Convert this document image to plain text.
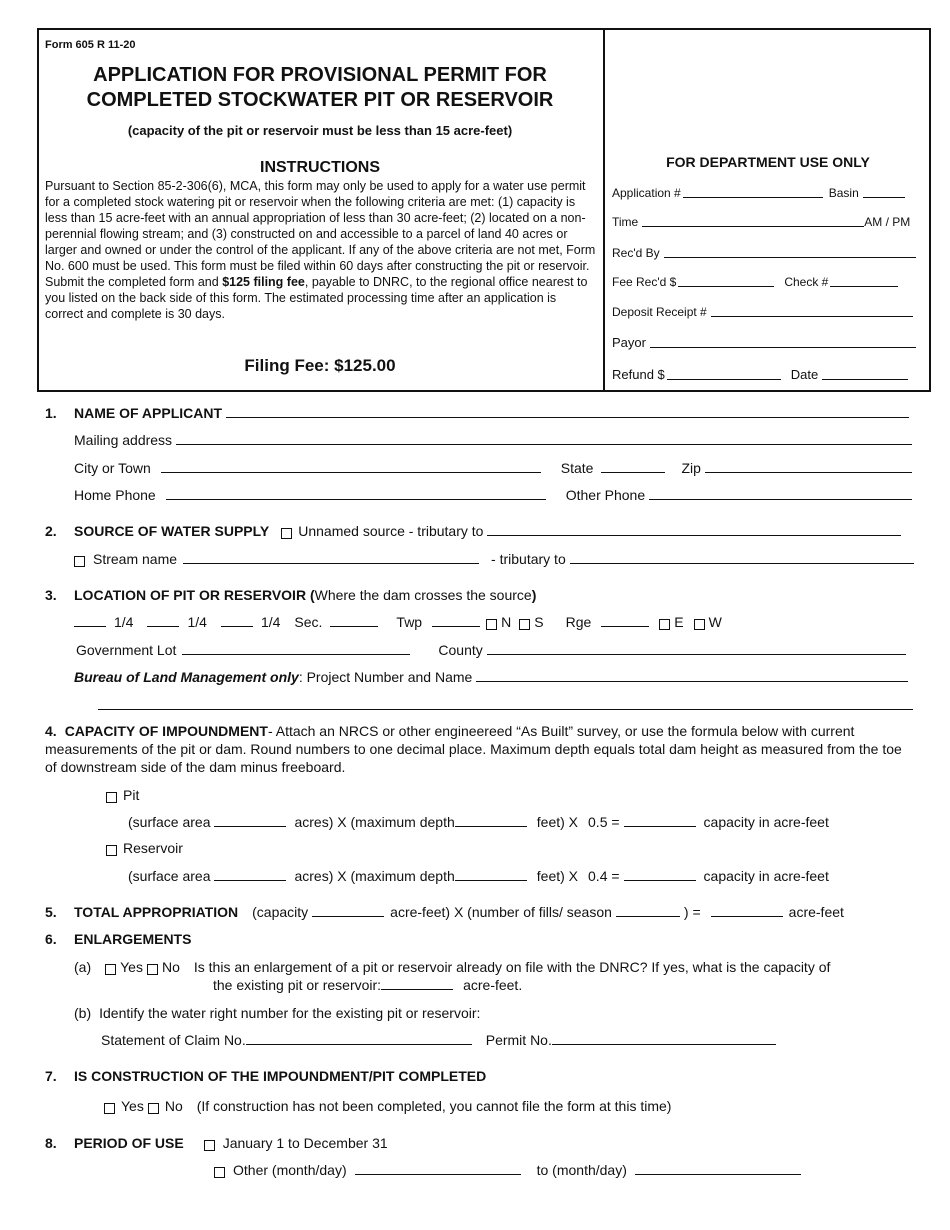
Form 605 R 11-20
APPLICATION FOR PROVISIONAL PERMIT FOR
COMPLETED STOCKWATER PIT OR RESERVOIR
(capacity of the pit or reservoir must be less than 15 acre-feet)
INSTRUCTIONS
Pursuant to Section 85-2-306(6), MCA, this form may only be used to apply for a water use permit for a completed stock watering pit or reservoir when the following criteria are met: (1) capacity is less than 15 acre-feet with an annual appropriation of less than 30 acre-feet; (2) located on a non-perennial flowing stream; and (3) constructed on and accessible to a parcel of land 40 acres or larger and owned or under the control of the applicant. If any of the above criteria are not met, Form No. 600 must be used. This form must be filed within 60 days after constructing the pit or reservoir. Submit the completed form and $125 filing fee, payable to DNRC, to the regional office nearest to you listed on the back side of this form. The estimated processing time after an application is correct and complete is 30 days.
Filing Fee: $125.00
FOR DEPARTMENT USE ONLY
Application #	Basin
Time	AM / PM
Rec'd By
Fee Rec'd $	Check #
Deposit Receipt #
Payor
Refund $	Date
1.	NAME OF APPLICANT
Mailing address
City or Town	State	Zip
Home Phone	Other Phone
2.	SOURCE OF WATER SUPPLY Unnamed source - tributary to
Stream name	- tributary to
3.	LOCATION OF PIT OR RESERVOIR ( Where the dam crosses the source )
1/4	1/4	1/4 Sec.	Twp	N S Rge	E W
Government Lot	County
Bureau of Land Management only : Project Number and Name
4. CAPACITY OF IMPOUNDMENT- Attach an NRCS or other engineereed “As Built” survey, or use the formula below with current measurements of the pit or dam. Round numbers to one decimal place. Maximum depth equals total dam height as measured from the toe of downstream side of the dam minus freeboard.
Pit
(surface area	acres) X (maximum depth	feet) X 0.5 =	capacity in acre-feet
Reservoir
(surface area	acres) X (maximum depth	feet) X 0.4 =	capacity in acre-feet
5.	TOTAL APPROPRIATION (capacity	acre-feet) X (number of fills/ season	) =	acre-feet
6.	ENLARGEMENTS
(a) Yes No Is this an enlargement of a pit or reservoir already on file with the DNRC? If yes, what is the capacity of
the existing pit or reservoir:	acre-feet.
(b) Identify the water right number for the existing pit or reservoir:
Statement of Claim No.	Permit No.
7.	IS CONSTRUCTION OF THE IMPOUNDMENT/PIT COMPLETED
Yes No (If construction has not been completed, you cannot file the form at this time)
8.	PERIOD OF USE	January 1 to December 31
Other (month/day)	to (month/day)
